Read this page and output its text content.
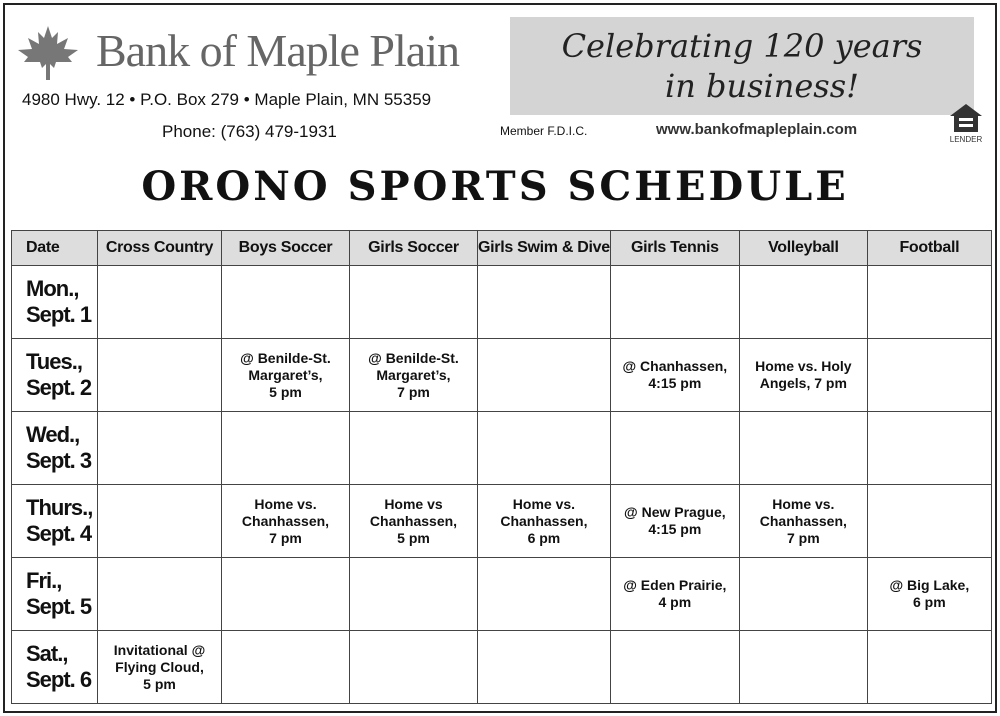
Bank of Maple Plain
4980 Hwy. 12 • P.O. Box 279 • Maple Plain, MN 55359
Phone: (763) 479-1931
Celebrating 120 years
in business!
Member F.D.I.C.	www.bankofmapleplain.com
LENDER
ORONO SPORTS SCHEDULE
Date	Cross Country	Boys Soccer	Girls Soccer	Girls Swim & Dive	Girls Tennis	Volleyball	Football
Mon.,
Sept. 1							
Tues.,
Sept. 2		@ Benilde-St.
Margaret’s,
5 pm	@ Benilde-St.
Margaret’s,
7 pm		@ Chanhassen,
4:15 pm	Home vs. Holy
Angels, 7 pm	
Wed.,
Sept. 3							
Thurs.,
Sept. 4		Home vs.
Chanhassen,
7 pm	Home vs
Chanhassen,
5 pm	Home vs.
Chanhassen,
6 pm	@ New Prague,
4:15 pm	Home vs.
Chanhassen,
7 pm	
Fri.,
Sept. 5					@ Eden Prairie,
4 pm		@ Big Lake,
6 pm
Sat.,
Sept. 6	Invitational @
Flying Cloud,
5 pm						
